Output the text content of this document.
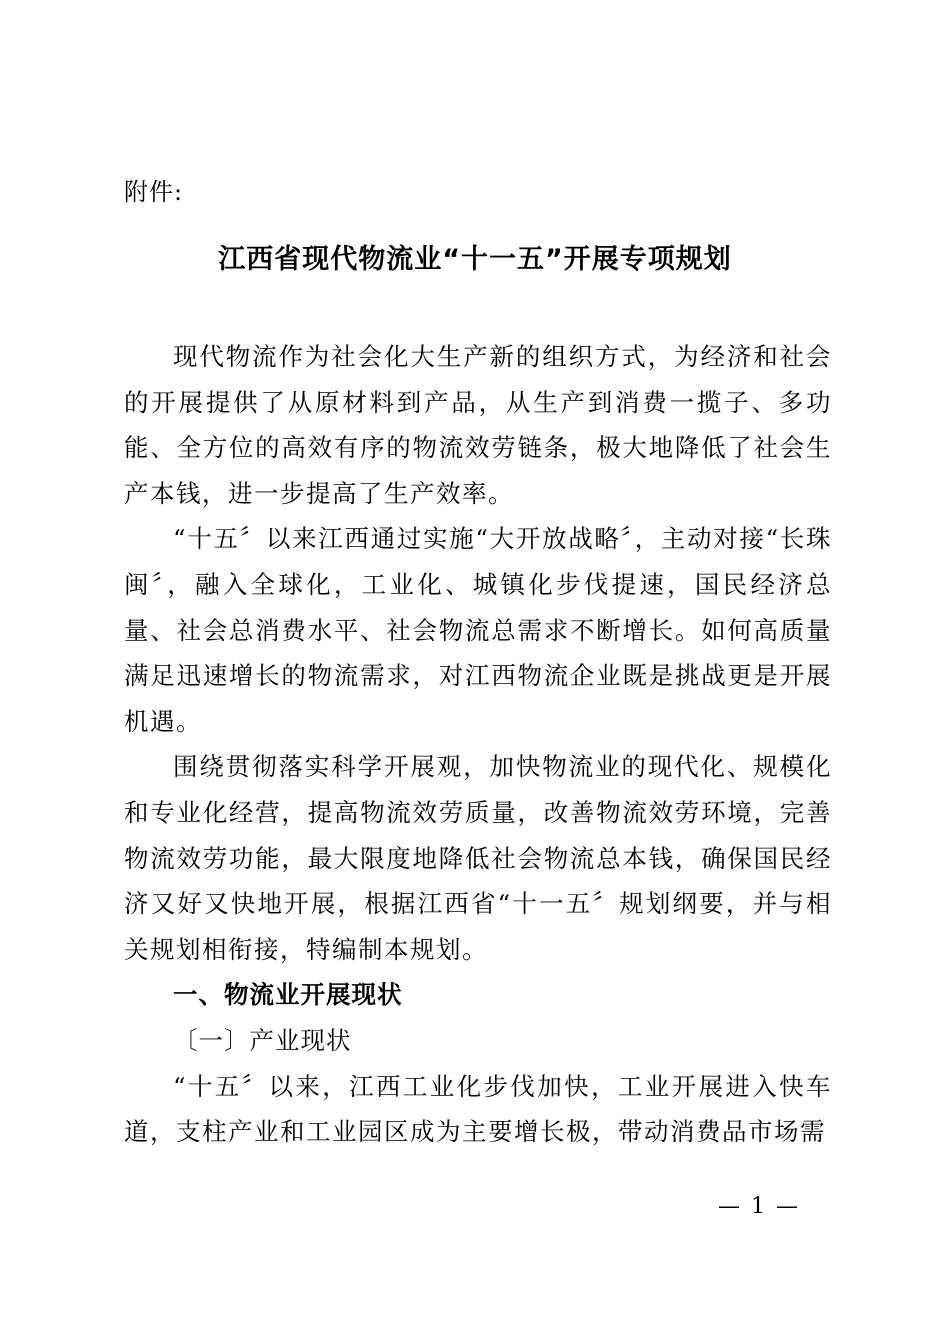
附件:
江西省现代物流业“十一五”开展专项规划

现代物流作为社会化大生产新的组织方式，为经济和社会的开展提供了从原材料到产品，从生产到消费一揽子、多功能、全方位的高效有序的物流效劳链条，极大地降低了社会生产本钱，进一步提高了生产效率。

“十五〞以来江西通过实施“大开放战略〞，主动对接“长珠闽〞，融入全球化，工业化、城镇化步伐提速，国民经济总量、社会总消费水平、社会物流总需求不断增长。如何高质量满足迅速增长的物流需求，对江西物流企业既是挑战更是开展机遇。

围绕贯彻落实科学开展观，加快物流业的现代化、规模化和专业化经营，提高物流效劳质量，改善物流效劳环境，完善物流效劳功能，最大限度地降低社会物流总本钱，确保国民经济又好又快地开展，根据江西省“十一五〞规划纲要，并与相关规划相衔接，特编制本规划。

一、物流业开展现状

〔一〕产业现状

“十五〞以来，江西工业化步伐加快，工业开展进入快车道，支柱产业和工业园区成为主要增长极，带动消费品市场需

— 1 —
